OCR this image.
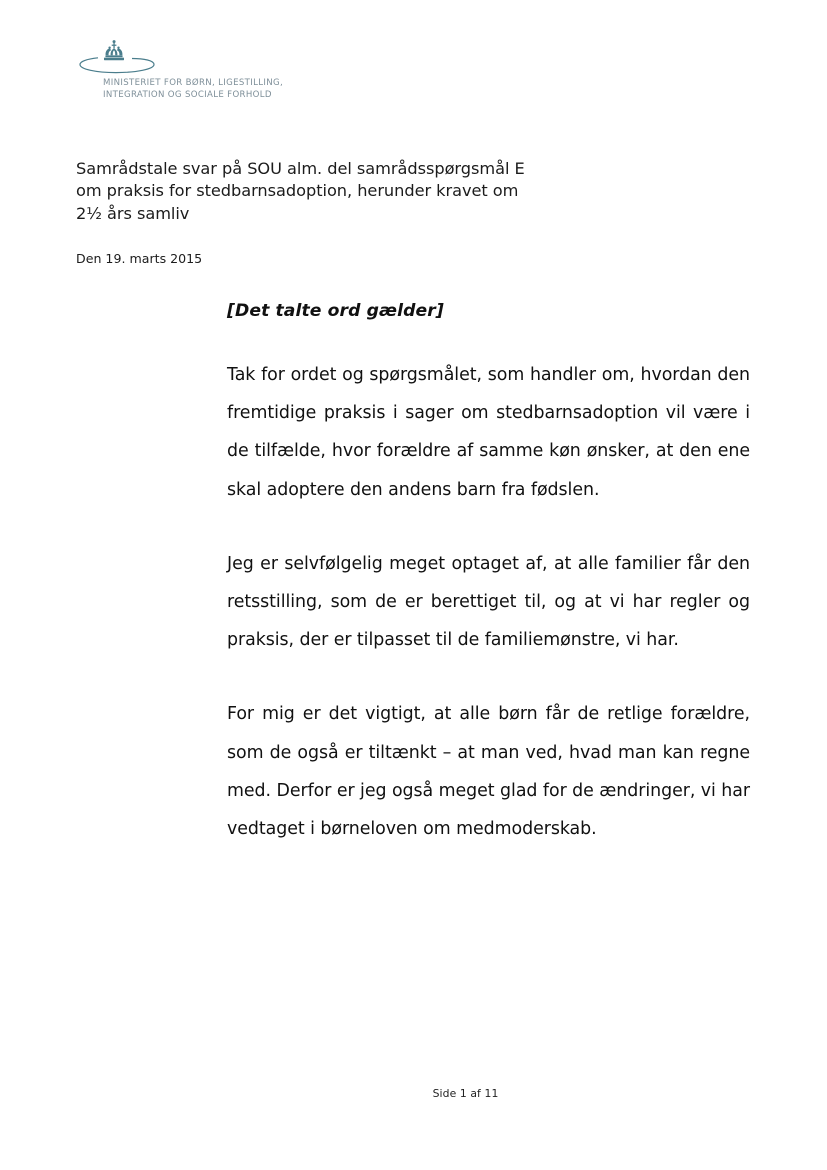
MINISTERIET FOR BØRN, LIGESTILLING,
INTEGRATION OG SOCIALE FORHOLD
Samrådstale svar på SOU alm. del samrådsspørgsmål E
om praksis for stedbarnsadoption, herunder kravet om
2½ års samliv
Den 19. marts 2015

[Det talte ord gælder]

Tak for ordet og spørgsmålet, som handler om, hvordan den fremtidige praksis i sager om stedbarnsadoption vil være i de tilfælde, hvor forældre af samme køn ønsker, at den ene skal adoptere den andens barn fra fødslen.

Jeg er selvfølgelig meget optaget af, at alle familier får den retsstilling, som de er berettiget til, og at vi har regler og praksis, der er tilpasset til de familiemønstre, vi har.

For mig er det vigtigt, at alle børn får de retlige forældre, som de også er tiltænkt – at man ved, hvad man kan regne med. Derfor er jeg også meget glad for de ændringer, vi har vedtaget i børneloven om medmoderskab.

Side 1 af 11
